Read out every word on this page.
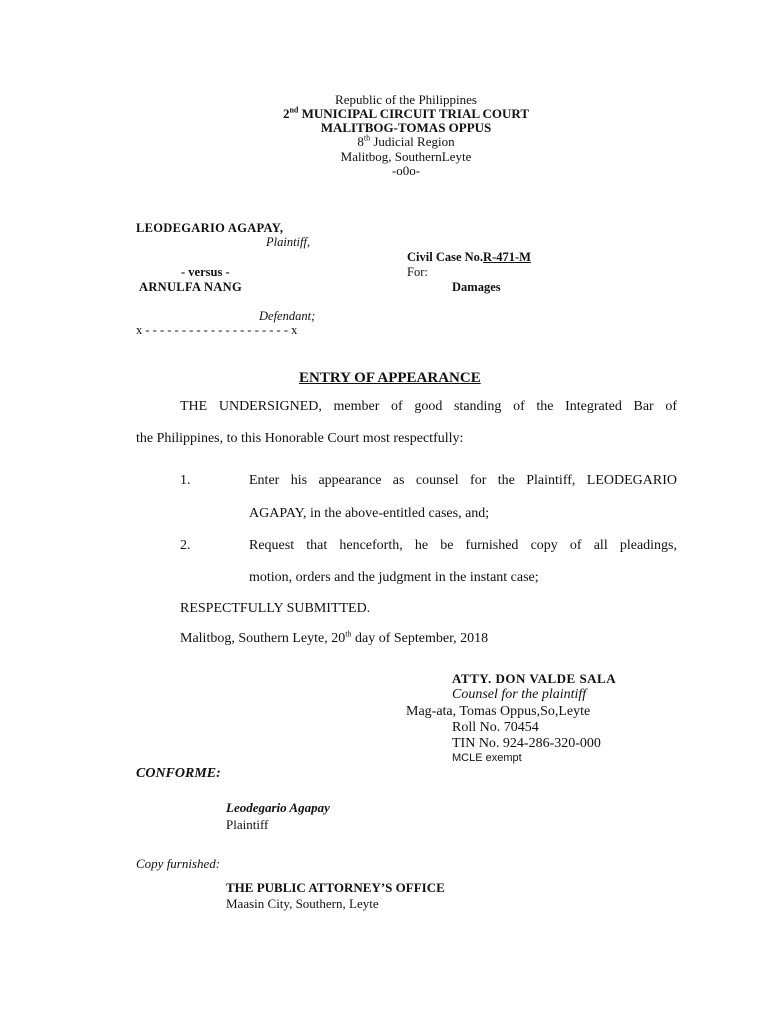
Republic of the Philippines
2nd MUNICIPAL CIRCUIT TRIAL COURT
MALITBOG-TOMAS OPPUS
8th Judicial Region
Malitbog, SouthernLeyte
-o0o-
LEODEGARIO AGAPAY,
Plaintiff,
Civil Case No.R-471-M
- versus -	For:
ARNULFA NANG	Damages
Defendant;
x - - - - - - - - - - - - - - - - - - - - x
ENTRY OF APPEARANCE
THE UNDERSIGNED, member of good standing of the Integrated Bar of
the Philippines, to this Honorable Court most respectfully:
1.	Enter his appearance as counsel for the Plaintiff, LEODEGARIO
AGAPAY, in the above-entitled cases, and;
2.	Request that henceforth, he be furnished copy of all pleadings,
motion, orders and the judgment in the instant case;
RESPECTFULLY SUBMITTED.
Malitbog, Southern Leyte, 20th day of September, 2018
ATTY. DON VALDE SALA
Counsel for the plaintiff
Mag-ata, Tomas Oppus,So,Leyte
Roll No. 70454
TIN No. 924-286-320-000
MCLE exempt
CONFORME:
Leodegario Agapay
Plaintiff
Copy furnished:
THE PUBLIC ATTORNEY’S OFFICE
Maasin City, Southern, Leyte
